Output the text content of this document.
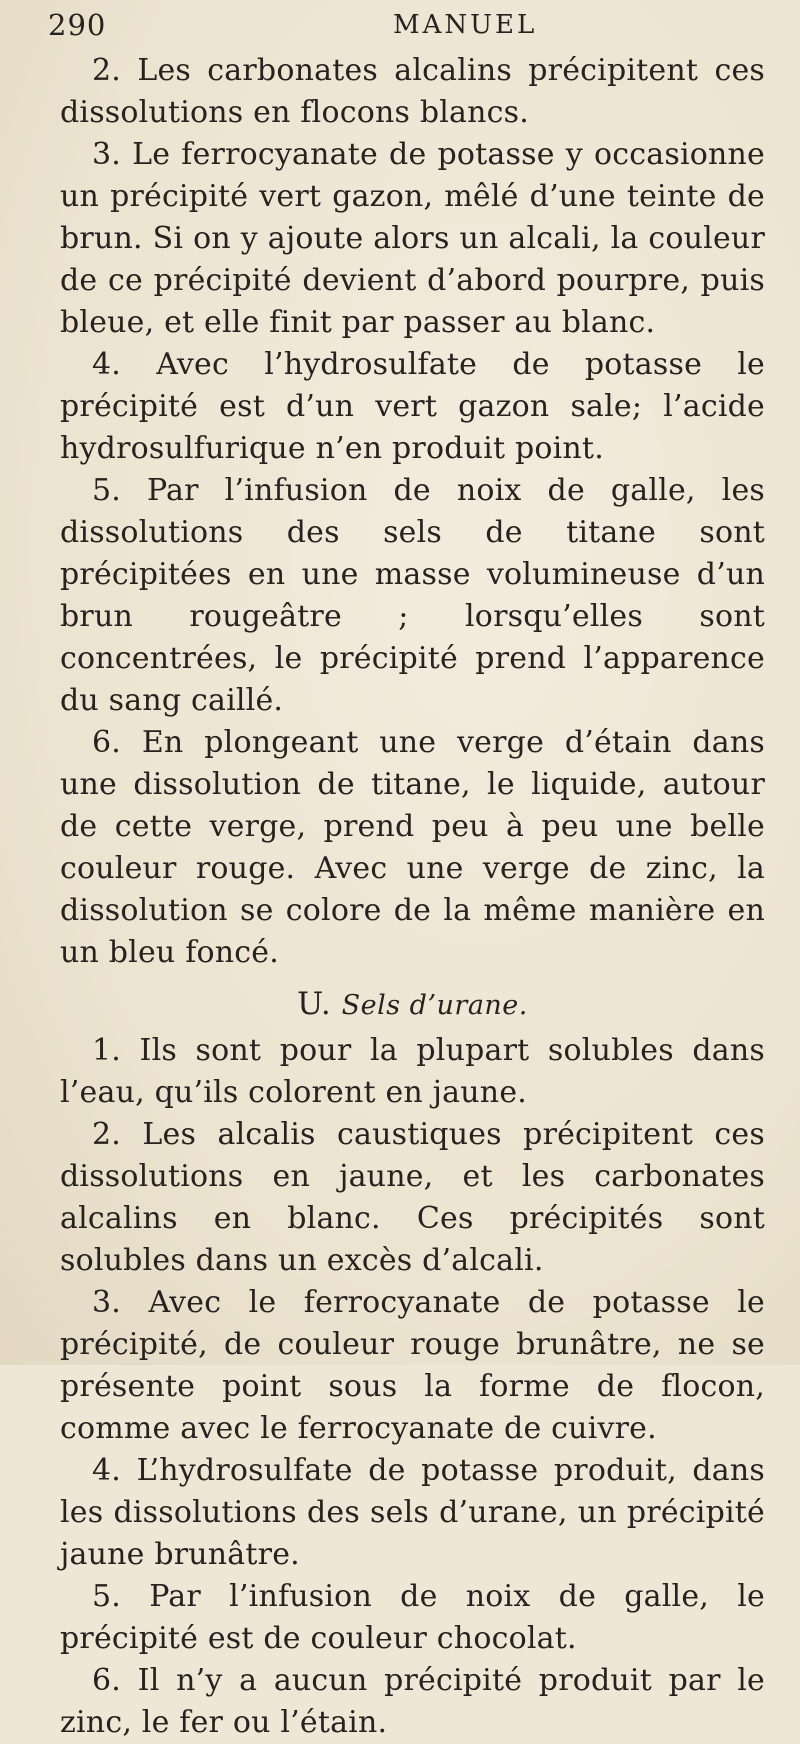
290	MANUEL

2. Les carbonates alcalins précipitent ces dissolutions en flocons blancs.

3. Le ferrocyanate de potasse y occasionne un précipité vert gazon, mêlé d’une teinte de brun. Si on y ajoute alors un alcali, la couleur de ce précipité devient d’abord pourpre, puis bleue, et elle finit par passer au blanc.

4. Avec l’hydrosulfate de potasse le précipité est d’un vert gazon sale; l’acide hydrosulfurique n’en produit point.

5. Par l’infusion de noix de galle, les dissolutions des sels de titane sont précipitées en une masse volumineuse d’un brun rougeâtre ; lorsqu’elles sont concentrées, le précipité prend l’apparence du sang caillé.

6. En plongeant une verge d’étain dans une dissolution de titane, le liquide, autour de cette verge, prend peu à peu une belle couleur rouge. Avec une verge de zinc, la dissolution se colore de la même manière en un bleu foncé.

U. Sels d’urane.

1. Ils sont pour la plupart solubles dans l’eau, qu’ils colorent en jaune.

2. Les alcalis caustiques précipitent ces dissolutions en jaune, et les carbonates alcalins en blanc. Ces précipités sont solubles dans un excès d’alcali.

3. Avec le ferrocyanate de potasse le précipité, de couleur rouge brunâtre, ne se présente point sous la forme de flocon, comme avec le ferrocyanate de cuivre.

4. L’hydrosulfate de potasse produit, dans les dissolutions des sels d’urane, un précipité jaune brunâtre.

5. Par l’infusion de noix de galle, le précipité est de couleur chocolat.

6. Il n’y a aucun précipité produit par le zinc, le fer ou l’étain.
